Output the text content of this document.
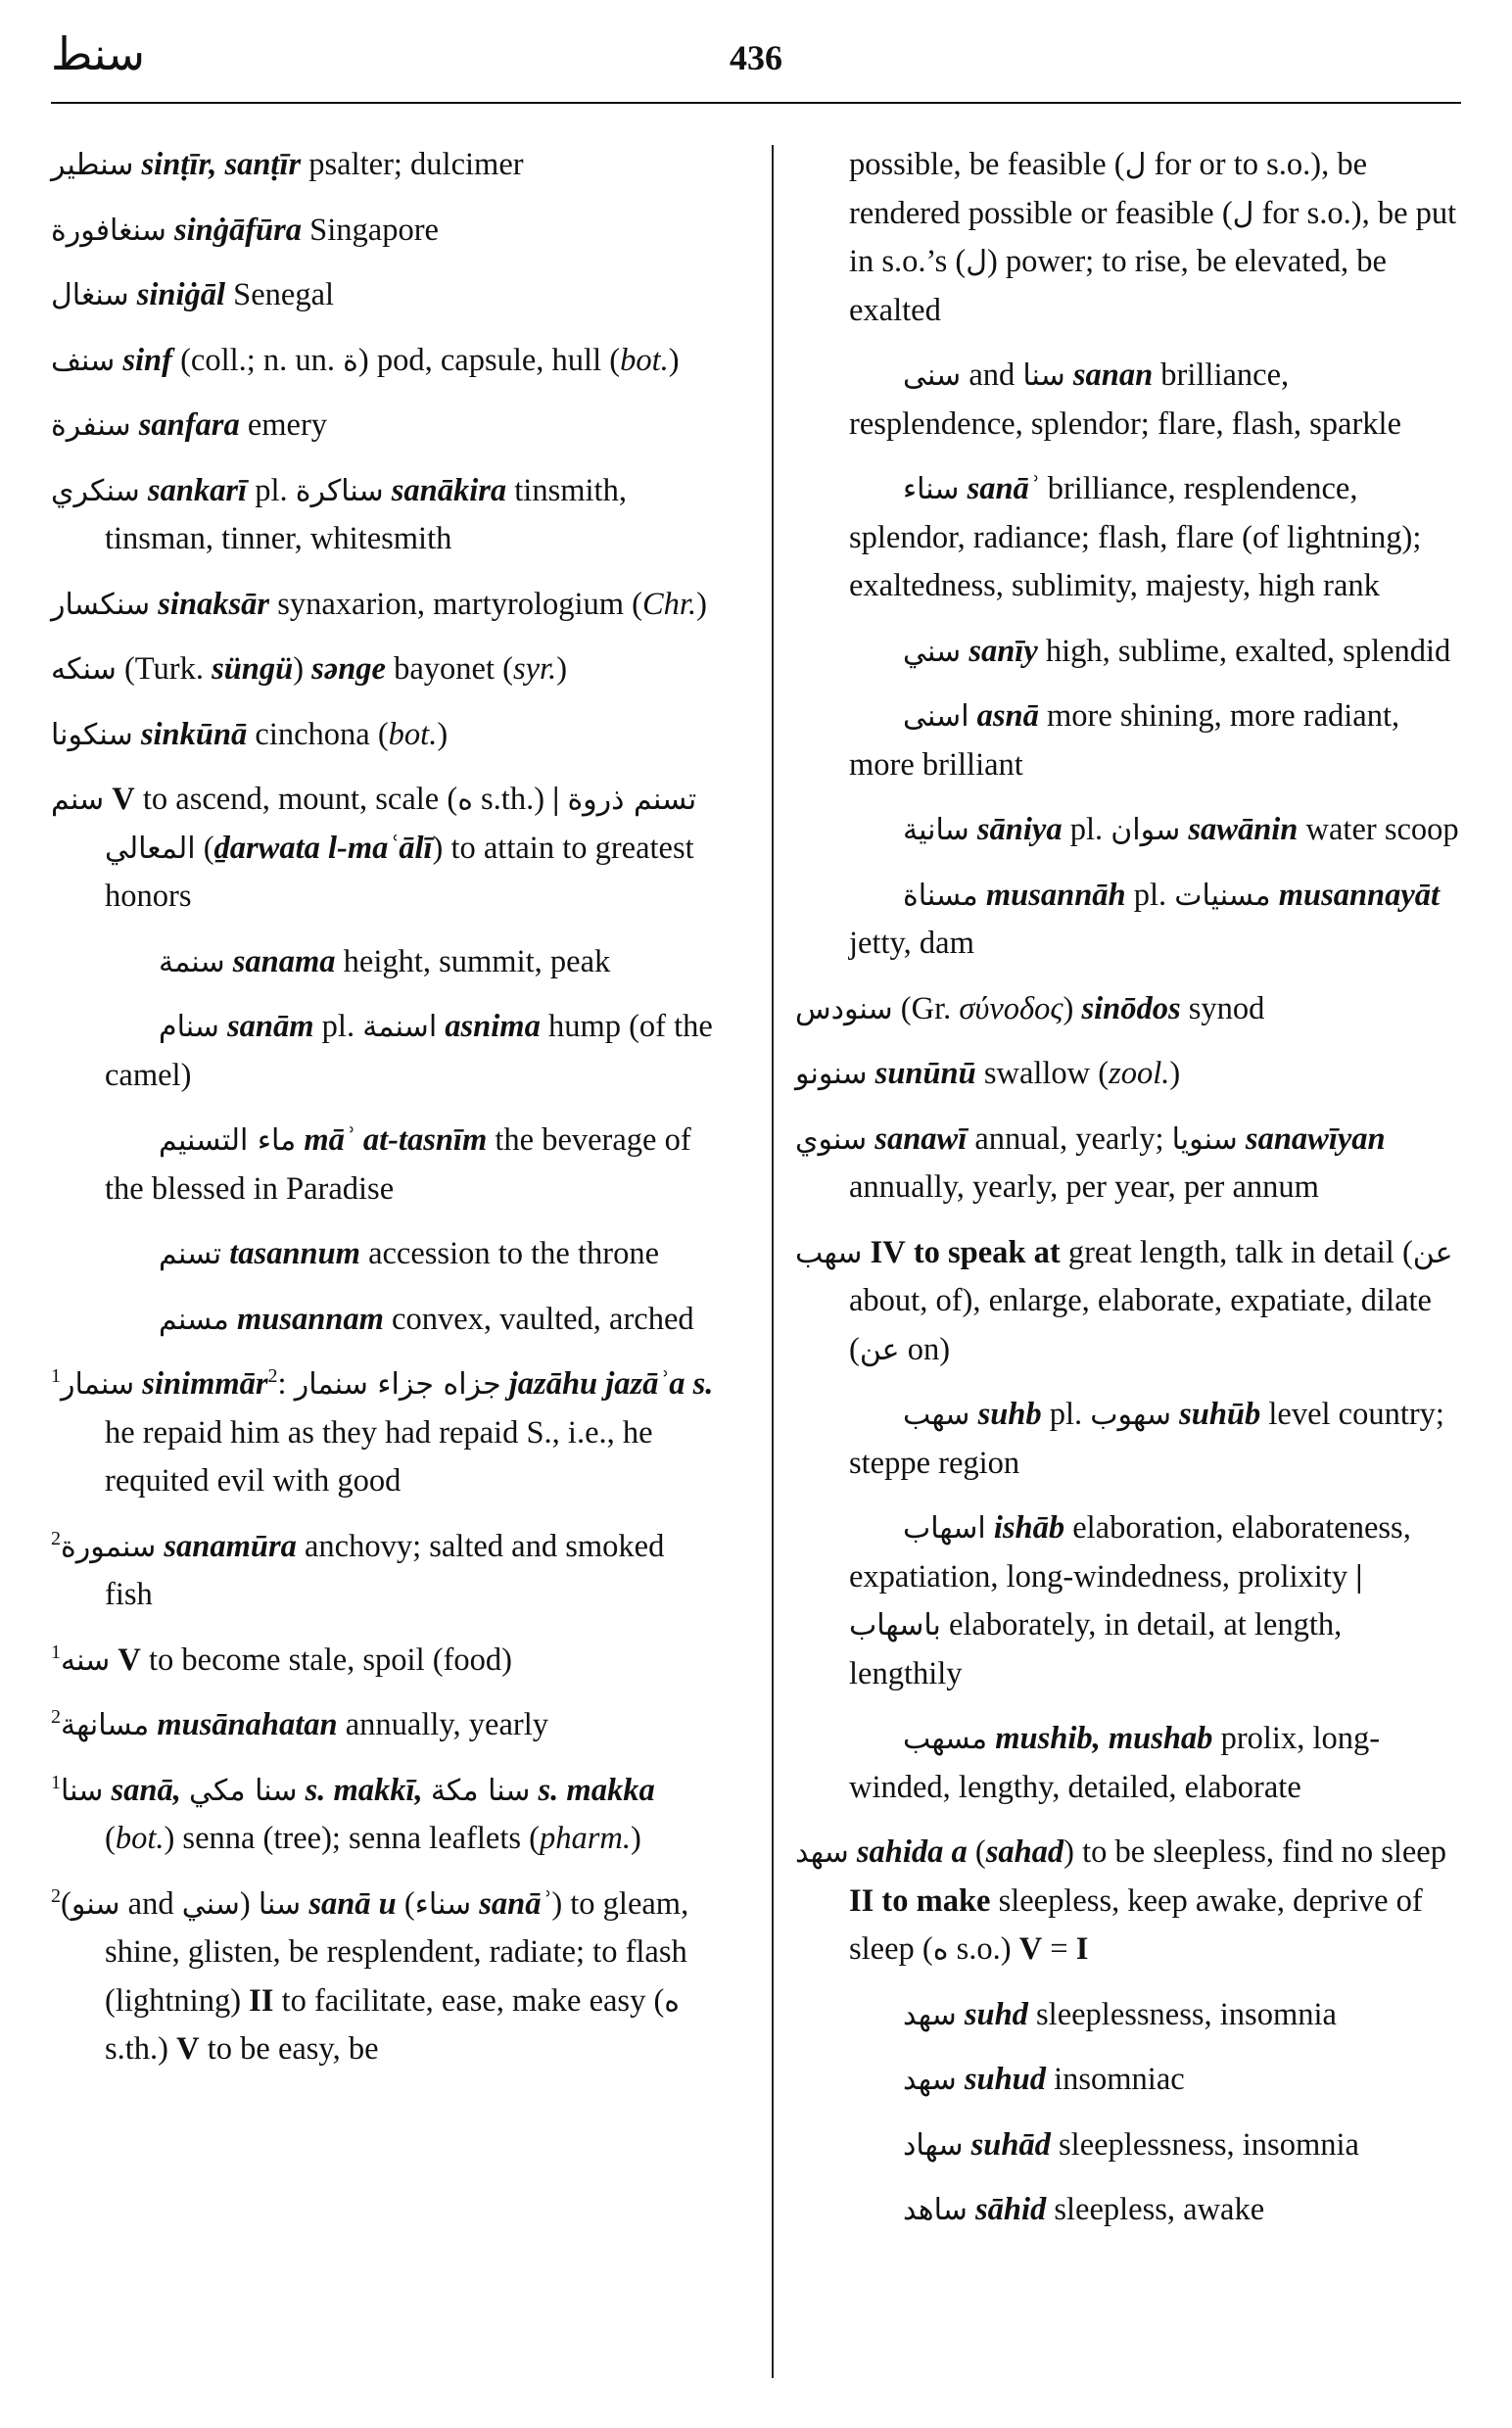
سنط	436

سنطير sinṭīr, sanṭīr psalter; dulcimer

سنغافورة sinġāfūra Singapore

سنغال siniġāl Senegal

سنف sinf (coll.; n. un. ة) pod, capsule, hull (bot.)

سنفرة sanfara emery

سنكري sankarī pl. سناكرة sanākira tinsmith, tinsman, tinner, whitesmith

سنكسار sinaksār synaxarion, martyrologium (Chr.)

سنكه (Turk. süngü) sǝnge bayonet (syr.)

سنكونا sinkūnā cinchona (bot.)

سنم V to ascend, mount, scale (ه s.th.) | تسنم ذروة المعالي (ḏarwata l-maʿālī) to attain to greatest honors

سنمة sanama height, summit, peak

سنام sanām pl. اسنمة asnima hump (of the camel)

ماء التسنيم māʾ at-tasnīm the beverage of the blessed in Paradise

تسنم tasannum accession to the throne

مسنم musannam convex, vaulted, arched

$^1$سنمار sinimmār$^2$: جزاه جزاء سنمار jazāhu jazāʾa s. he repaid him as they had repaid S., i.e., he requited evil with good

$^2$سنمورة sanamūra anchovy; salted and smoked fish

$^1$سنه V to become stale, spoil (food)

$^2$مسانهة musānahatan annually, yearly

$^1$سنا sanā, سنا مكي s. makkī, سنا مكة s. makka (bot.) senna (tree); senna leaflets (pharm.)

$^2$(سنو and سني) سنا sanā u (سناء sanāʾ) to gleam, shine, glisten, be resplendent, radiate; to flash (lightning) II to facilitate, ease, make easy (ه s.th.) V to be easy, be

possible, be feasible (ل for or to s.o.), be rendered possible or feasible (ل for s.o.), be put in s.o.’s (ل) power; to rise, be elevated, be exalted

سنى and سنا sanan brilliance, resplendence, splendor; flare, flash, sparkle

سناء sanāʾ brilliance, resplendence, splendor, radiance; flash, flare (of lightning); exaltedness, sublimity, majesty, high rank

سني sanīy high, sublime, exalted, splendid

اسنى asnā more shining, more radiant, more brilliant

سانية sāniya pl. سوان sawānin water scoop

مسناة musannāh pl. مسنيات musannayāt jetty, dam

سنودس (Gr. σύνοδος) sinōdos synod

سنونو sunūnū swallow (zool.)

سنوي sanawī annual, yearly; سنويا sanawīyan annually, yearly, per year, per annum

سهب IV to speak at great length, talk in detail (عن about, of), enlarge, elaborate, expatiate, dilate (عن on)

سهب suhb pl. سهوب suhūb level country; steppe region

اسهاب ishāb elaboration, elaborateness, expatiation, long-windedness, prolixity | باسهاب elaborately, in detail, at length, lengthily

مسهب mushib, mushab prolix, long-winded, lengthy, detailed, elaborate

سهد sahida a (sahad) to be sleepless, find no sleep II to make sleepless, keep awake, deprive of sleep (ه s.o.) V = I

سهد suhd sleeplessness, insomnia

سهد suhud insomniac

سهاد suhād sleeplessness, insomnia

ساهد sāhid sleepless, awake
